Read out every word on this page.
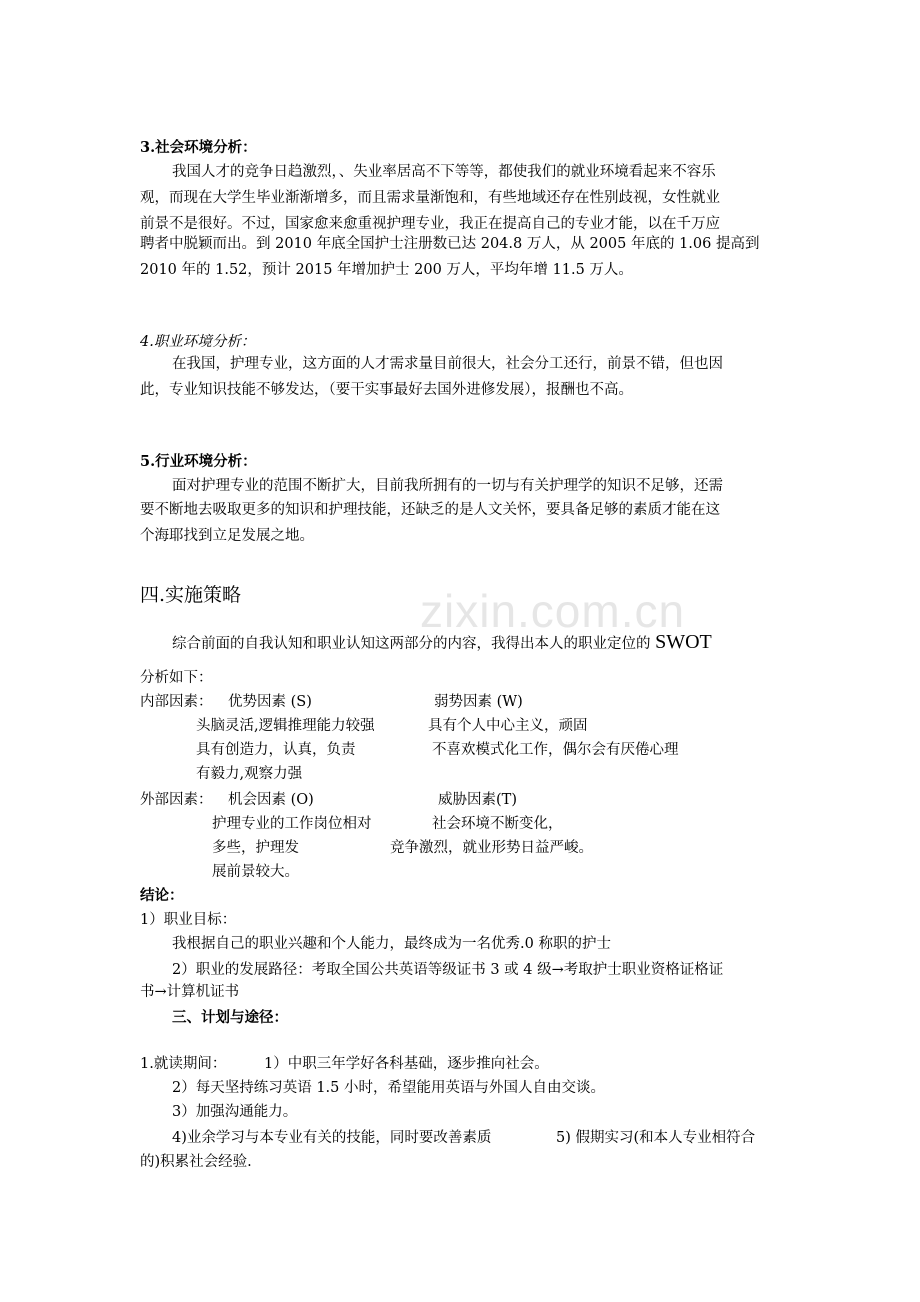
zixin.com.cn
3.社会环境分析：
我国人才的竞争日趋激烈，、失业率居高不下等等，都使我们的就业环境看起来不容乐
观，而现在大学生毕业渐渐增多，而且需求量渐饱和，有些地域还存在性别歧视，女性就业
前景不是很好。不过，国家愈来愈重视护理专业，我正在提高自己的专业才能，以在千万应
聘者中脱颖而出。到 2010 年底全国护士注册数已达 204.8 万人，从 2005 年底的 1.06 提高到
2010 年的 1.52，预计 2015 年增加护士 200 万人，平均年增 11.5 万人。
4.职业环境分析：
在我国，护理专业，这方面的人才需求量目前很大，社会分工还行，前景不错，但也因
此，专业知识技能不够发达，（要干实事最好去国外进修发展），报酬也不高。
5.行业环境分析：
面对护理专业的范围不断扩大，目前我所拥有的一切与有关护理学的知识不足够，还需
要不断地去吸取更多的知识和护理技能，还缺乏的是人文关怀，要具备足够的素质才能在这
个海耶找到立足发展之地。
四.实施策略
综合前面的自我认知和职业认知这两部分的内容，我得出本人的职业定位的 SWOT
分析如下：
内部因素： 优势因素 (S)	弱势因素 (W)
头脑灵活,逻辑推理能力较强	具有个人中心主义，顽固
具有创造力，认真，负责	不喜欢模式化工作，偶尔会有厌倦心理
有毅力,观察力强
外部因素： 机会因素 (O)	威胁因素(T)
护理专业的工作岗位相对	社会环境不断变化，
多些，护理发	竞争激烈，就业形势日益严峻。
展前景较大。
结论：
1）职业目标：
我根据自己的职业兴趣和个人能力，最终成为一名优秀.0 称职的护士
2）职业的发展路径：考取全国公共英语等级证书 3 或 4 级→考取护士职业资格证格证
书→计算机证书
三、计划与途径：
1.就读期间：	1）中职三年学好各科基础，逐步推向社会。
2）每天坚持练习英语 1.5 小时，希望能用英语与外国人自由交谈。
3）加强沟通能力。
4)业余学习与本专业有关的技能，同时要改善素质	5) 假期实习(和本人专业相符合
的)积累社会经验.
